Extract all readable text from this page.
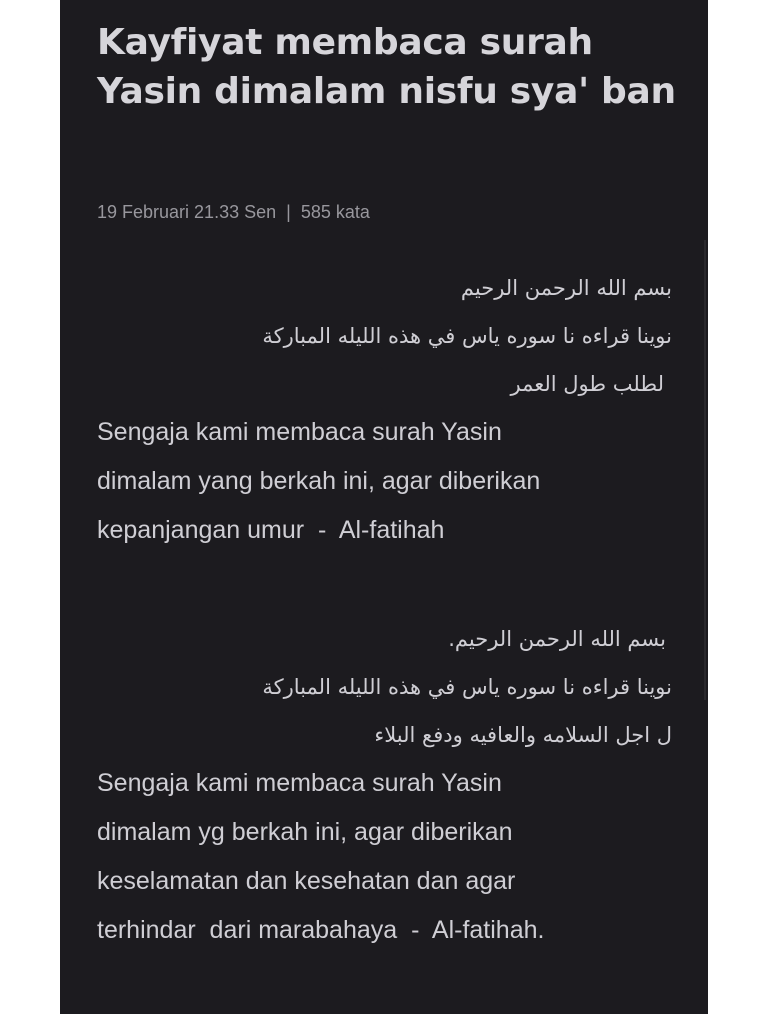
Kayfiyat membaca surah Yasin dimalam nisfu sya' ban
19 Februari 21.33 Sen | 585 kata

بسم الله الرحمن الرحيم

نوينا قراءه نا سوره ياس في هذه الليله المباركة

لطلب طول العمر

Sengaja kami membaca surah Yasin
dimalam yang berkah ini, agar diberikan
kepanjangan umur  -  Al-fatihah

بسم الله الرحمن الرحيم.

نوينا قراءه نا سوره ياس في هذه الليله المباركة

ل اجل السلامه والعافيه ودفع البلاء

Sengaja kami membaca surah Yasin
dimalam yg berkah ini, agar diberikan
keselamatan dan kesehatan dan agar
terhindar  dari marabahaya  -  Al-fatihah.
